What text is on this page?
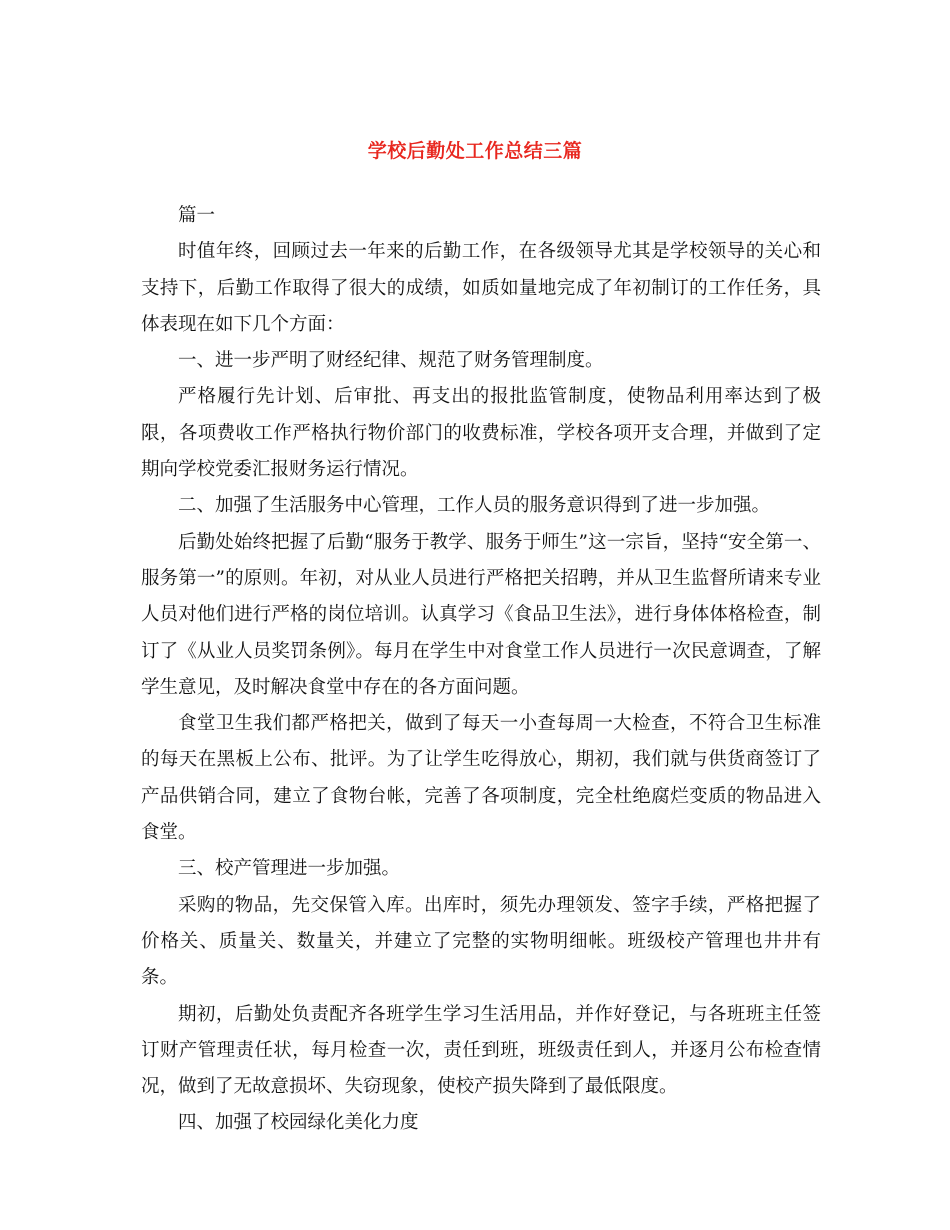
学校后勤处工作总结三篇

篇一

时值年终，回顾过去一年来的后勤工作，在各级领导尤其是学校领导的关心和支持下，后勤工作取得了很大的成绩，如质如量地完成了年初制订的工作任务，具体表现在如下几个方面：

一、进一步严明了财经纪律、规范了财务管理制度。

严格履行先计划、后审批、再支出的报批监管制度，使物品利用率达到了极限，各项费收工作严格执行物价部门的收费标准，学校各项开支合理，并做到了定期向学校党委汇报财务运行情况。

二、加强了生活服务中心管理，工作人员的服务意识得到了进一步加强。

后勤处始终把握了后勤“服务于教学、服务于师生”这一宗旨，坚持“安全第一、服务第一”的原则。年初，对从业人员进行严格把关招聘，并从卫生监督所请来专业人员对他们进行严格的岗位培训。认真学习《食品卫生法》，进行身体体格检查，制订了《从业人员奖罚条例》。每月在学生中对食堂工作人员进行一次民意调查，了解学生意见，及时解决食堂中存在的各方面问题。

食堂卫生我们都严格把关，做到了每天一小查每周一大检查，不符合卫生标准的每天在黑板上公布、批评。为了让学生吃得放心，期初，我们就与供货商签订了产品供销合同，建立了食物台帐，完善了各项制度，完全杜绝腐烂变质的物品进入食堂。

三、校产管理进一步加强。

采购的物品，先交保管入库。出库时，须先办理领发、签字手续，严格把握了价格关、质量关、数量关，并建立了完整的实物明细帐。班级校产管理也井井有条。

期初，后勤处负责配齐各班学生学习生活用品，并作好登记，与各班班主任签订财产管理责任状，每月检查一次，责任到班，班级责任到人，并逐月公布检查情况，做到了无故意损坏、失窃现象，使校产损失降到了最低限度。

四、加强了校园绿化美化力度
